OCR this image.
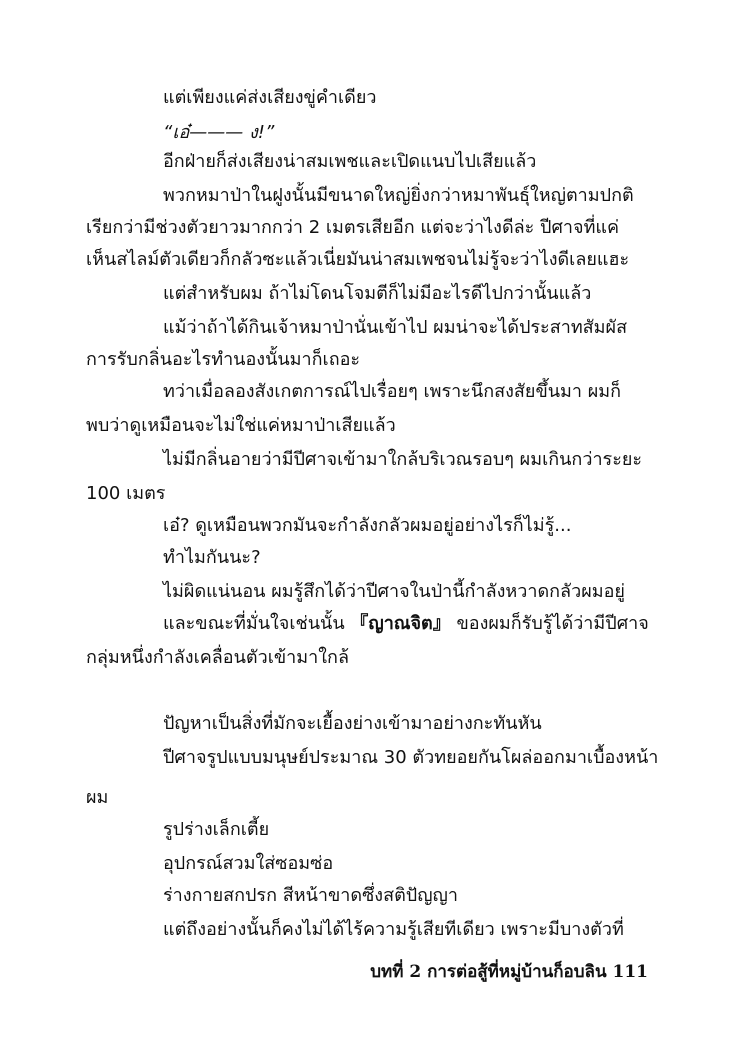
แต่เพียงแค่ส่งเสียงขู่คำเดียว
“เอ๋——— ง!”
อีกฝ่ายก็ส่งเสียงน่าสมเพชและเปิดแนบไปเสียแล้ว
พวกหมาป่าในฝูงนั้นมีขนาดใหญ่ยิ่งกว่าหมาพันธุ์ใหญ่ตามปกติ
เรียกว่ามีช่วงตัวยาวมากกว่า 2 เมตรเสียอีก แต่จะว่าไงดีล่ะ ปีศาจที่แค่
เห็นสไลม์ตัวเดียวก็กลัวซะแล้วเนี่ยมันน่าสมเพชจนไม่รู้จะว่าไงดีเลยแฮะ
แต่สำหรับผม ถ้าไม่โดนโจมตีก็ไม่มีอะไรดีไปกว่านั้นแล้ว
แม้ว่าถ้าได้กินเจ้าหมาป่านั่นเข้าไป ผมน่าจะได้ประสาทสัมผัส
การรับกลิ่นอะไรทำนองนั้นมาก็เถอะ
ทว่าเมื่อลองสังเกตการณ์ไปเรื่อยๆ เพราะนึกสงสัยขึ้นมา ผมก็
พบว่าดูเหมือนจะไม่ใช่แค่หมาป่าเสียแล้ว
ไม่มีกลิ่นอายว่ามีปีศาจเข้ามาใกล้บริเวณรอบๆ ผมเกินกว่าระยะ
100 เมตร
เอ๋? ดูเหมือนพวกมันจะกำลังกลัวผมอยู่อย่างไรก็ไม่รู้...
ทำไมกันนะ?
ไม่ผิดแน่นอน ผมรู้สึกได้ว่าปีศาจในป่านี้กำลังหวาดกลัวผมอยู่
และขณะที่มั่นใจเช่นนั้น 『ญาณจิต』 ของผมก็รับรู้ได้ว่ามีปีศาจ
กลุ่มหนึ่งกำลังเคลื่อนตัวเข้ามาใกล้
ปัญหาเป็นสิ่งที่มักจะเยื้องย่างเข้ามาอย่างกะทันหัน
ปีศาจรูปแบบมนุษย์ประมาณ 30 ตัวทยอยกันโผล่ออกมาเบื้องหน้า
ผม
รูปร่างเล็กเตี้ย
อุปกรณ์สวมใส่ซอมซ่อ
ร่างกายสกปรก สีหน้าขาดซึ่งสติปัญญา
แต่ถึงอย่างนั้นก็คงไม่ได้ไร้ความรู้เสียทีเดียว เพราะมีบางตัวที่
บทที่ 2 การต่อสู้ที่หมู่บ้านก็อบลิน 111
